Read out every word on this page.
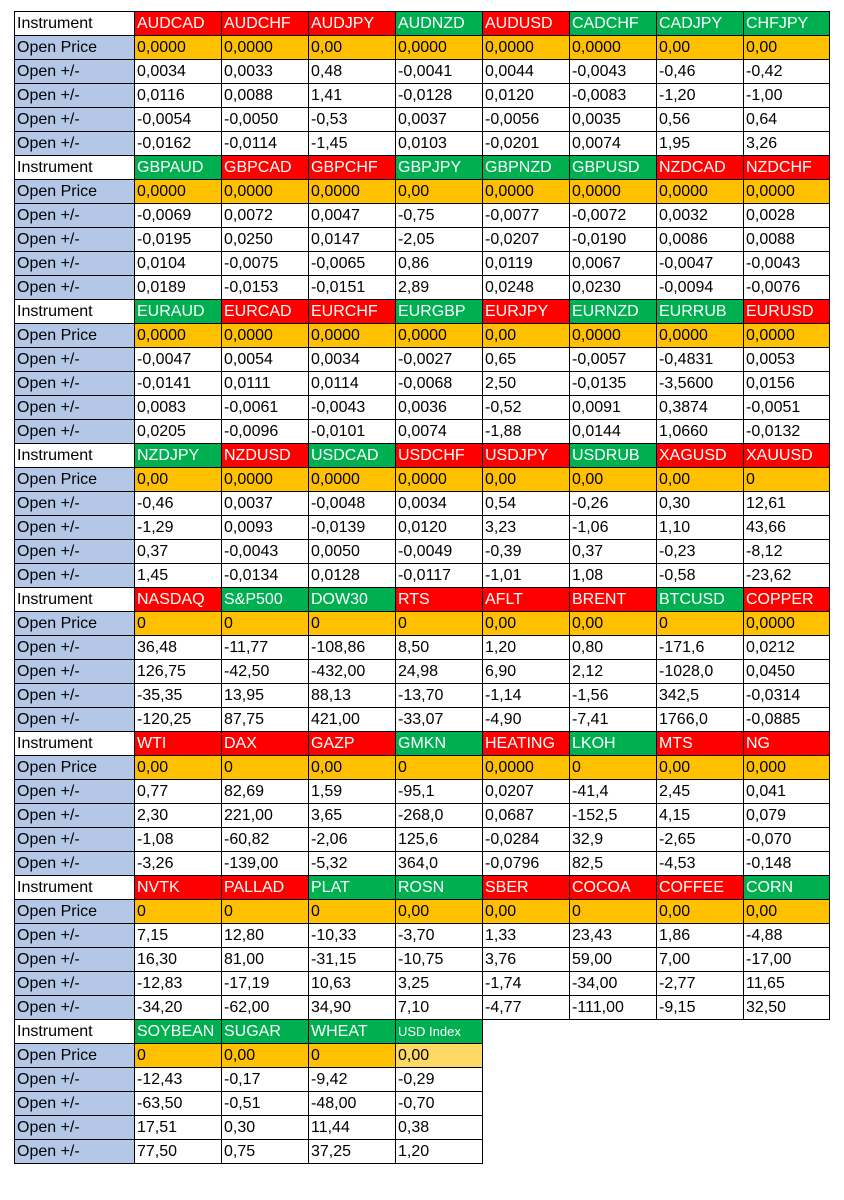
Instrument	AUDCAD	AUDCHF	AUDJPY	AUDNZD	AUDUSD	CADCHF	CADJPY	CHFJPY
Open Price	0,0000	0,0000	0,00	0,0000	0,0000	0,0000	0,00	0,00
Open +/-	0,0034	0,0033	0,48	-0,0041	0,0044	-0,0043	-0,46	-0,42
Open +/-	0,0116	0,0088	1,41	-0,0128	0,0120	-0,0083	-1,20	-1,00
Open +/-	-0,0054	-0,0050	-0,53	0,0037	-0,0056	0,0035	0,56	0,64
Open +/-	-0,0162	-0,0114	-1,45	0,0103	-0,0201	0,0074	1,95	3,26
Instrument	GBPAUD	GBPCAD	GBPCHF	GBPJPY	GBPNZD	GBPUSD	NZDCAD	NZDCHF
Open Price	0,0000	0,0000	0,0000	0,00	0,0000	0,0000	0,0000	0,0000
Open +/-	-0,0069	0,0072	0,0047	-0,75	-0,0077	-0,0072	0,0032	0,0028
Open +/-	-0,0195	0,0250	0,0147	-2,05	-0,0207	-0,0190	0,0086	0,0088
Open +/-	0,0104	-0,0075	-0,0065	0,86	0,0119	0,0067	-0,0047	-0,0043
Open +/-	0,0189	-0,0153	-0,0151	2,89	0,0248	0,0230	-0,0094	-0,0076
Instrument	EURAUD	EURCAD	EURCHF	EURGBP	EURJPY	EURNZD	EURRUB	EURUSD
Open Price	0,0000	0,0000	0,0000	0,0000	0,00	0,0000	0,0000	0,0000
Open +/-	-0,0047	0,0054	0,0034	-0,0027	0,65	-0,0057	-0,4831	0,0053
Open +/-	-0,0141	0,0111	0,0114	-0,0068	2,50	-0,0135	-3,5600	0,0156
Open +/-	0,0083	-0,0061	-0,0043	0,0036	-0,52	0,0091	0,3874	-0,0051
Open +/-	0,0205	-0,0096	-0,0101	0,0074	-1,88	0,0144	1,0660	-0,0132
Instrument	NZDJPY	NZDUSD	USDCAD	USDCHF	USDJPY	USDRUB	XAGUSD	XAUUSD
Open Price	0,00	0,0000	0,0000	0,0000	0,00	0,00	0,00	0
Open +/-	-0,46	0,0037	-0,0048	0,0034	0,54	-0,26	0,30	12,61
Open +/-	-1,29	0,0093	-0,0139	0,0120	3,23	-1,06	1,10	43,66
Open +/-	0,37	-0,0043	0,0050	-0,0049	-0,39	0,37	-0,23	-8,12
Open +/-	1,45	-0,0134	0,0128	-0,0117	-1,01	1,08	-0,58	-23,62
Instrument	NASDAQ	S&P500	DOW30	RTS	AFLT	BRENT	BTCUSD	COPPER
Open Price	0	0	0	0	0,00	0,00	0	0,0000
Open +/-	36,48	-11,77	-108,86	8,50	1,20	0,80	-171,6	0,0212
Open +/-	126,75	-42,50	-432,00	24,98	6,90	2,12	-1028,0	0,0450
Open +/-	-35,35	13,95	88,13	-13,70	-1,14	-1,56	342,5	-0,0314
Open +/-	-120,25	87,75	421,00	-33,07	-4,90	-7,41	1766,0	-0,0885
Instrument	WTI	DAX	GAZP	GMKN	HEATING	LKOH	MTS	NG
Open Price	0,00	0	0,00	0	0,0000	0	0,00	0,000
Open +/-	0,77	82,69	1,59	-95,1	0,0207	-41,4	2,45	0,041
Open +/-	2,30	221,00	3,65	-268,0	0,0687	-152,5	4,15	0,079
Open +/-	-1,08	-60,82	-2,06	125,6	-0,0284	32,9	-2,65	-0,070
Open +/-	-3,26	-139,00	-5,32	364,0	-0,0796	82,5	-4,53	-0,148
Instrument	NVTK	PALLAD	PLAT	ROSN	SBER	COCOA	COFFEE	CORN
Open Price	0	0	0	0,00	0,00	0	0,00	0,00
Open +/-	7,15	12,80	-10,33	-3,70	1,33	23,43	1,86	-4,88
Open +/-	16,30	81,00	-31,15	-10,75	3,76	59,00	7,00	-17,00
Open +/-	-12,83	-17,19	10,63	3,25	-1,74	-34,00	-2,77	11,65
Open +/-	-34,20	-62,00	34,90	7,10	-4,77	-111,00	-9,15	32,50
Instrument	SOYBEAN	SUGAR	WHEAT	USD Index				
Open Price	0	0,00	0	0,00				
Open +/-	-12,43	-0,17	-9,42	-0,29				
Open +/-	-63,50	-0,51	-48,00	-0,70				
Open +/-	17,51	0,30	11,44	0,38				
Open +/-	77,50	0,75	37,25	1,20				
